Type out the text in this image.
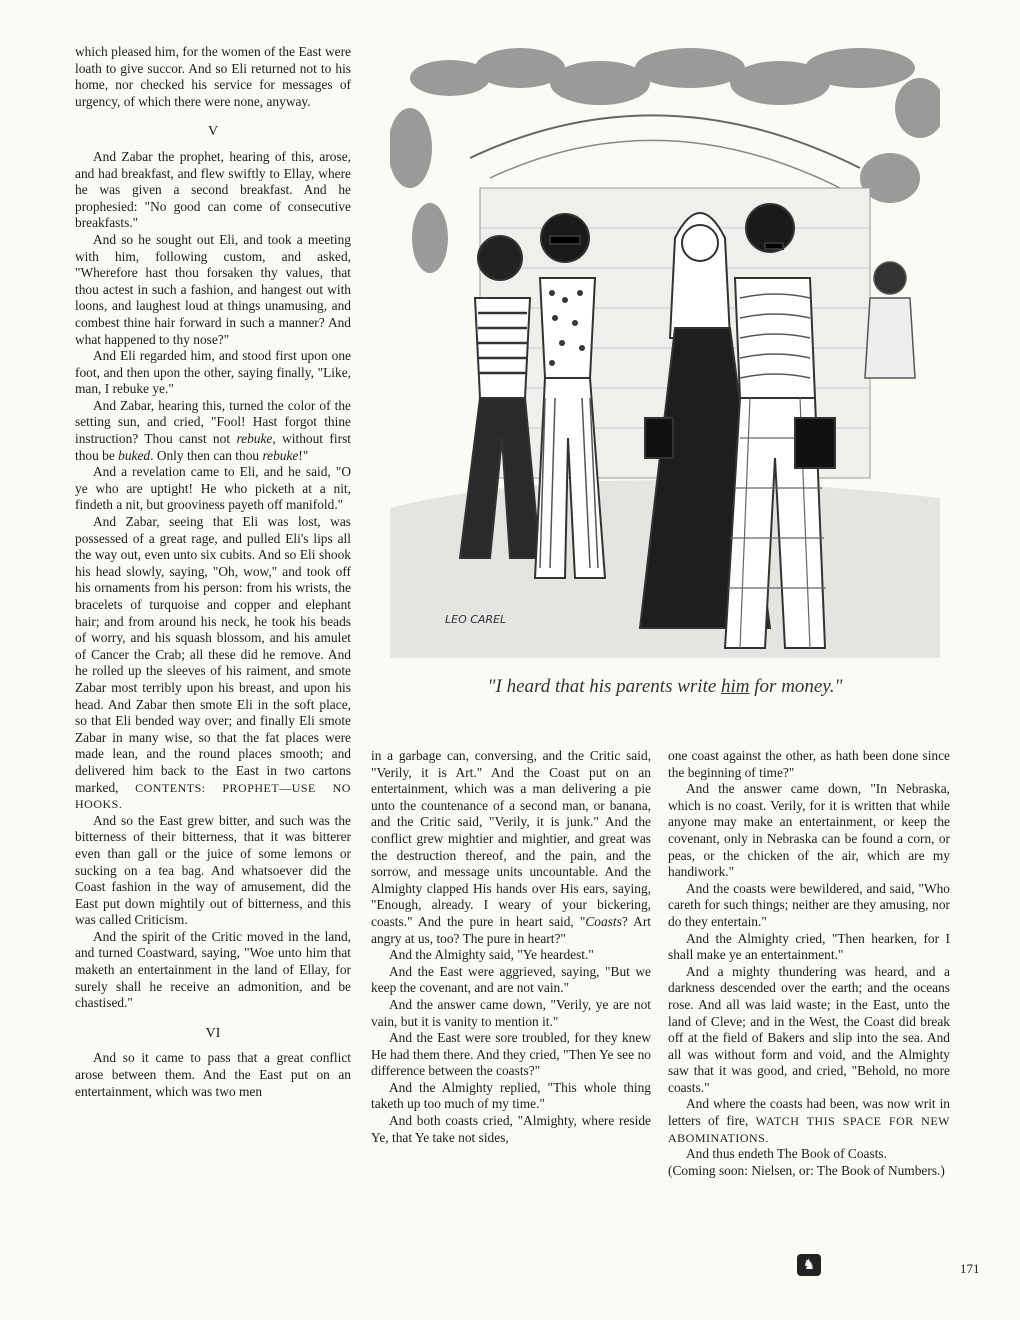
which pleased him, for the women of the East were loath to give succor. And so Eli returned not to his home, nor checked his service for messages of urgency, of which there were none, anyway.

V

And Zabar the prophet, hearing of this, arose, and had breakfast, and flew swiftly to Ellay, where he was given a second breakfast. And he prophesied: "No good can come of consecutive breakfasts."

And so he sought out Eli, and took a meeting with him, following custom, and asked, "Wherefore hast thou forsaken thy values, that thou actest in such a fashion, and hangest out with loons, and laughest loud at things unamusing, and combest thine hair forward in such a manner? And what happened to thy nose?"

And Eli regarded him, and stood first upon one foot, and then upon the other, saying finally, "Like, man, I rebuke ye."

And Zabar, hearing this, turned the color of the setting sun, and cried, "Fool! Hast forgot thine instruction? Thou canst not rebuke, without first thou be buked. Only then can thou rebuke!"

And a revelation came to Eli, and he said, "O ye who are uptight! He who picketh at a nit, findeth a nit, but grooviness payeth off manifold."

And Zabar, seeing that Eli was lost, was possessed of a great rage, and pulled Eli's lips all the way out, even unto six cubits. And so Eli shook his head slowly, saying, "Oh, wow," and took off his ornaments from his person: from his wrists, the bracelets of turquoise and copper and elephant hair; and from around his neck, he took his beads of worry, and his squash blossom, and his amulet of Cancer the Crab; all these did he remove. And he rolled up the sleeves of his raiment, and smote Zabar most terribly upon his breast, and upon his head. And Zabar then smote Eli in the soft place, so that Eli bended way over; and finally Eli smote Zabar in many wise, so that the fat places were made lean, and the round places smooth; and delivered him back to the East in two cartons marked, CONTENTS: PROPHET—USE NO HOOKS.

And so the East grew bitter, and such was the bitterness of their bitterness, that it was bitterer even than gall or the juice of some lemons or sucking on a tea bag. And whatsoever did the Coast fashion in the way of amusement, did the East put down mightily out of bitterness, and this was called Criticism.

And the spirit of the Critic moved in the land, and turned Coastward, saying, "Woe unto him that maketh an entertainment in the land of Ellay, for surely shall he receive an admonition, and be chastised."

VI

And so it came to pass that a great conflict arose between them. And the East put on an entertainment, which was two men

LEO CAREL
"I heard that his parents write him for money."

in a garbage can, conversing, and the Critic said, "Verily, it is Art." And the Coast put on an entertainment, which was a man delivering a pie unto the countenance of a second man, or banana, and the Critic said, "Verily, it is junk." And the conflict grew mightier and mightier, and great was the destruction thereof, and the pain, and the sorrow, and message units uncountable. And the Almighty clapped His hands over His ears, saying, "Enough, already. I weary of your bickering, coasts." And the pure in heart said, "Coasts? Art angry at us, too? The pure in heart?"

And the Almighty said, "Ye heardest."

And the East were aggrieved, saying, "But we keep the covenant, and are not vain."

And the answer came down, "Verily, ye are not vain, but it is vanity to mention it."

And the East were sore troubled, for they knew He had them there. And they cried, "Then Ye see no difference between the coasts?"

And the Almighty replied, "This whole thing taketh up too much of my time."

And both coasts cried, "Almighty, where reside Ye, that Ye take not sides,

one coast against the other, as hath been done since the beginning of time?"

And the answer came down, "In Nebraska, which is no coast. Verily, for it is written that while anyone may make an entertainment, or keep the covenant, only in Nebraska can be found a corn, or peas, or the chicken of the air, which are my handiwork."

And the coasts were bewildered, and said, "Who careth for such things; neither are they amusing, nor do they entertain."

And the Almighty cried, "Then hearken, for I shall make ye an entertainment."

And a mighty thundering was heard, and a darkness descended over the earth; and the oceans rose. And all was laid waste; in the East, unto the land of Cleve; and in the West, the Coast did break off at the field of Bakers and slip into the sea. And all was without form and void, and the Almighty saw that it was good, and cried, "Behold, no more coasts."

And where the coasts had been, was now writ in letters of fire, WATCH THIS SPACE FOR NEW ABOMINATIONS.

And thus endeth The Book of Coasts.

(Coming soon: Nielsen, or: The Book of Numbers.)

♞	171
